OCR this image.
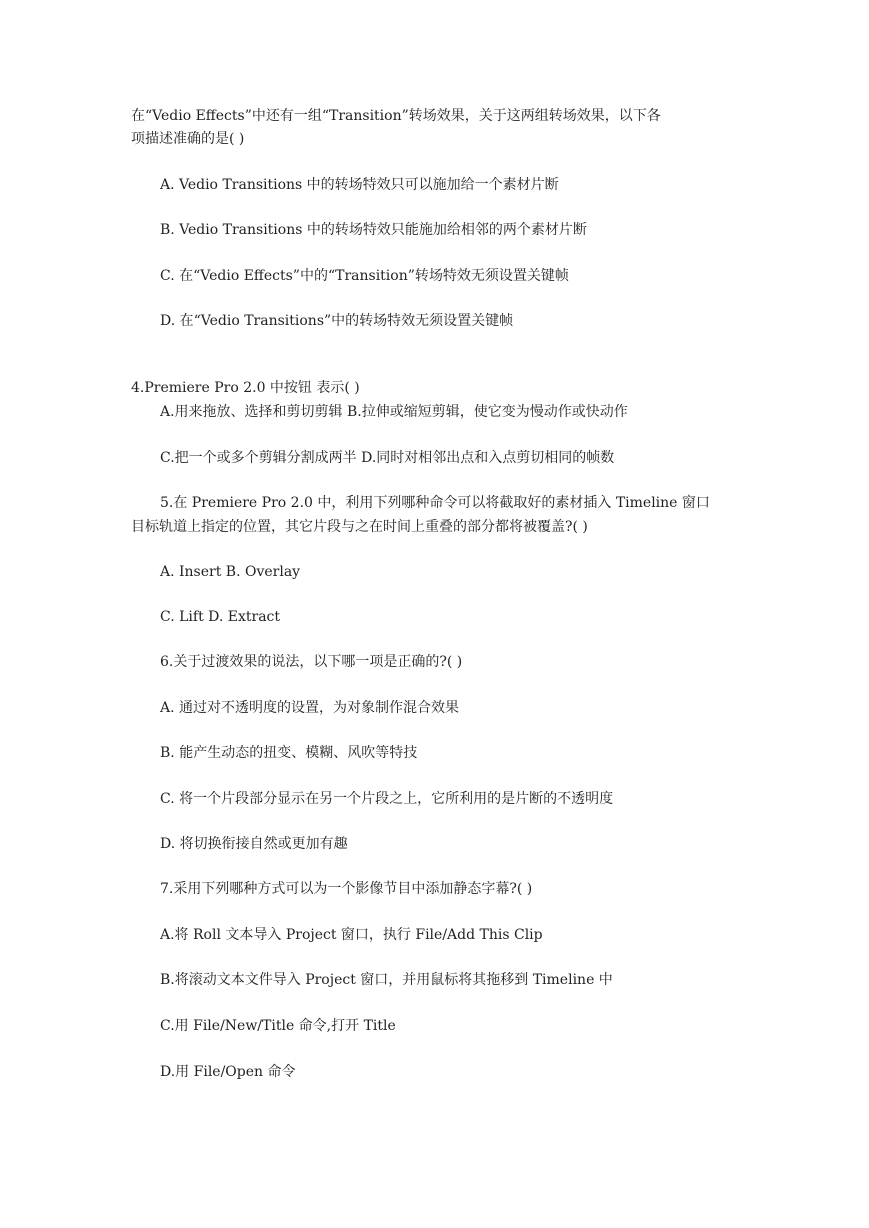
在“Vedio Effects”中还有一组“Transition”转场效果，关于这两组转场效果，以下各

项描述准确的是( )

A. Vedio Transitions 中的转场特效只可以施加给一个素材片断

B. Vedio Transitions 中的转场特效只能施加给相邻的两个素材片断

C. 在“Vedio Effects”中的“Transition”转场特效无须设置关键帧

D. 在“Vedio Transitions”中的转场特效无须设置关键帧

4.Premiere Pro 2.0 中按钮 表示( )

A.用来拖放、选择和剪切剪辑 B.拉伸或缩短剪辑，使它变为慢动作或快动作

C.把一个或多个剪辑分割成两半 D.同时对相邻出点和入点剪切相同的帧数

5.在 Premiere Pro 2.0 中，利用下列哪种命令可以将截取好的素材插入 Timeline 窗口

目标轨道上指定的位置，其它片段与之在时间上重叠的部分都将被覆盖?( )

A. Insert B. Overlay

C. Lift D. Extract

6.关于过渡效果的说法，以下哪一项是正确的?( )

A. 通过对不透明度的设置，为对象制作混合效果

B. 能产生动态的扭变、模糊、风吹等特技

C. 将一个片段部分显示在另一个片段之上，它所利用的是片断的不透明度

D. 将切换衔接自然或更加有趣

7.采用下列哪种方式可以为一个影像节目中添加静态字幕?( )

A.将 Roll 文本导入 Project 窗口，执行 File/Add This Clip

B.将滚动文本文件导入 Project 窗口，并用鼠标将其拖移到 Timeline 中

C.用 File/New/Title 命令,打开 Title

D.用 File/Open 命令
